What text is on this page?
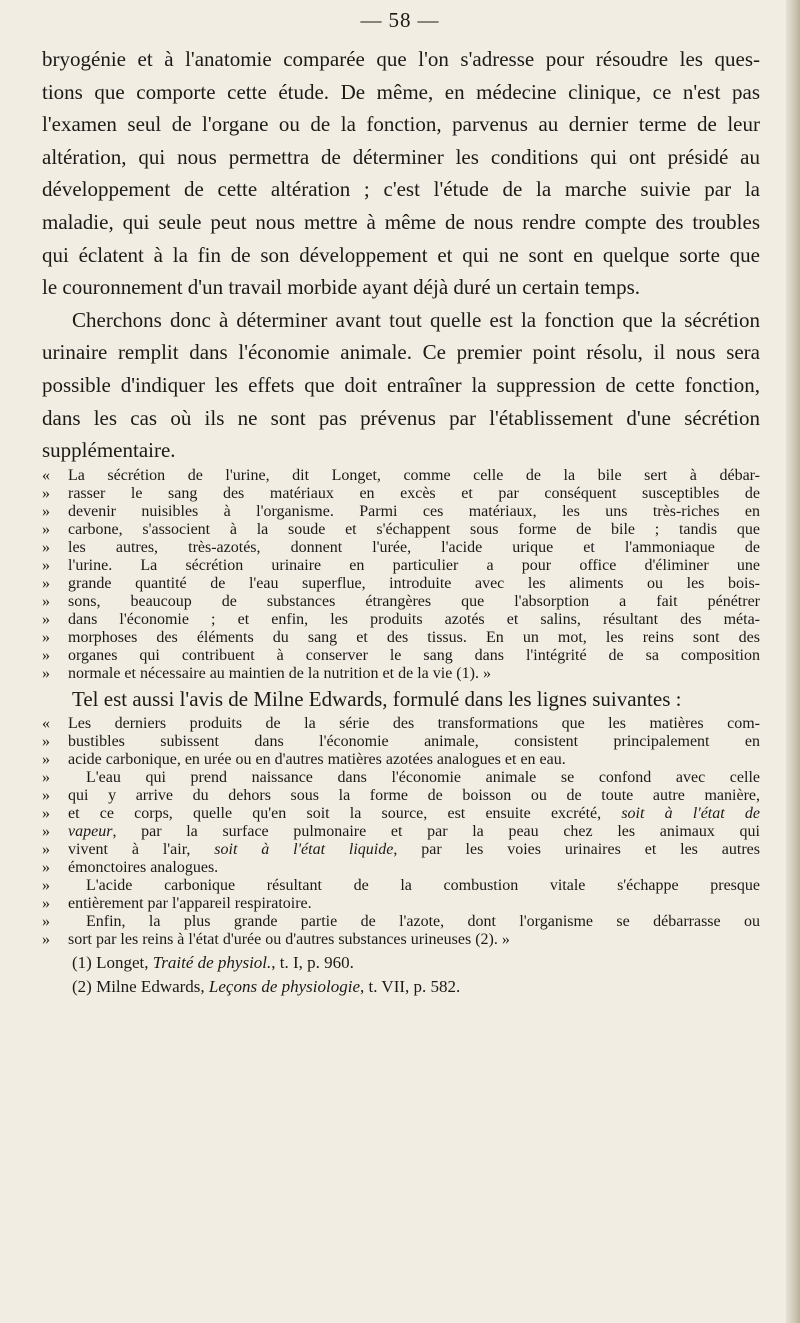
— 58 —
bryogénie et à l'anatomie comparée que l'on s'adresse pour résoudre les ques-
tions que comporte cette étude. De même, en médecine clinique, ce n'est pas
l'examen seul de l'organe ou de la fonction, parvenus au dernier terme de leur
altération, qui nous permettra de déterminer les conditions qui ont présidé au
développement de cette altération ; c'est l'étude de la marche suivie par la
maladie, qui seule peut nous mettre à même de nous rendre compte des troubles
qui éclatent à la fin de son développement et qui ne sont en quelque sorte que
le couronnement d'un travail morbide ayant déjà duré un certain temps.
Cherchons donc à déterminer avant tout quelle est la fonction que la sécrétion
urinaire remplit dans l'économie animale. Ce premier point résolu, il nous sera
possible d'indiquer les effets que doit entraîner la suppression de cette fonction,
dans les cas où ils ne sont pas prévenus par l'établissement d'une sécrétion
supplémentaire.
«	La sécrétion de l'urine, dit Longet, comme celle de la bile sert à débar-
»	rasser le sang des matériaux en excès et par conséquent susceptibles de
»	devenir nuisibles à l'organisme. Parmi ces matériaux, les uns très-riches en
»	carbone, s'associent à la soude et s'échappent sous forme de bile ; tandis que
»	les autres, très-azotés, donnent l'urée, l'acide urique et l'ammoniaque de
»	l'urine. La sécrétion urinaire en particulier a pour office d'éliminer une
»	grande quantité de l'eau superflue, introduite avec les aliments ou les bois-
»	sons, beaucoup de substances étrangères que l'absorption a fait pénétrer
»	dans l'économie ; et enfin, les produits azotés et salins, résultant des méta-
»	morphoses des éléments du sang et des tissus. En un mot, les reins sont des
»	organes qui contribuent à conserver le sang dans l'intégrité de sa composition
»	normale et nécessaire au maintien de la nutrition et de la vie (1). »
Tel est aussi l'avis de Milne Edwards, formulé dans les lignes suivantes :
«	Les derniers produits de la série des transformations que les matières com-
»	bustibles subissent dans l'économie animale, consistent principalement en
»	acide carbonique, en urée ou en d'autres matières azotées analogues et en eau.
»	L'eau qui prend naissance dans l'économie animale se confond avec celle
»	qui y arrive du dehors sous la forme de boisson ou de toute autre manière,
»	et ce corps, quelle qu'en soit la source, est ensuite excrété, soit à l'état de
»	vapeur, par la surface pulmonaire et par la peau chez les animaux qui
»	vivent à l'air, soit à l'état liquide, par les voies urinaires et les autres
»	émonctoires analogues.
»	L'acide carbonique résultant de la combustion vitale s'échappe presque
»	entièrement par l'appareil respiratoire.
»	Enfin, la plus grande partie de l'azote, dont l'organisme se débarrasse ou
»	sort par les reins à l'état d'urée ou d'autres substances urineuses (2). »
(1) Longet, Traité de physiol., t. I, p. 960.
(2) Milne Edwards, Leçons de physiologie, t. VII, p. 582.
